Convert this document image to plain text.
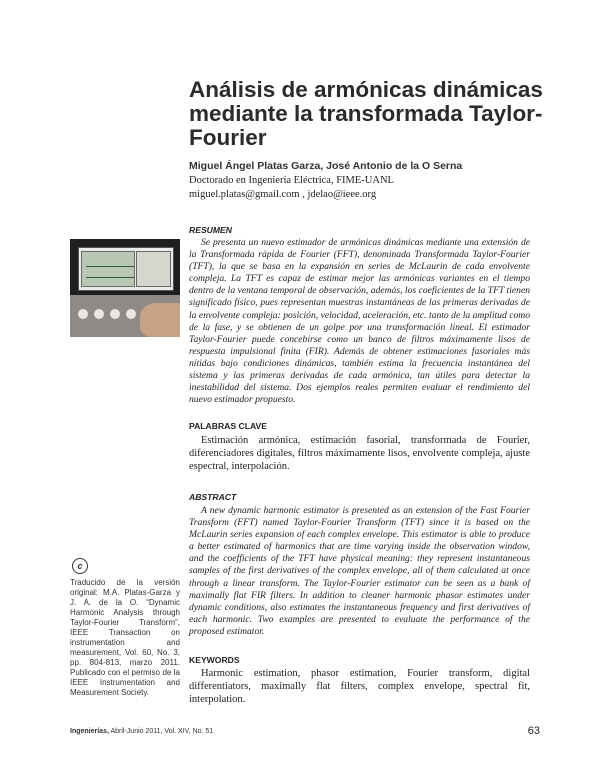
Análisis de armónicas dinámicas mediante la transformada Taylor-Fourier
Miguel Ángel Platas Garza, José Antonio de la O Serna
Doctorado en Ingeniería Eléctrica, FIME-UANL
miguel.platas@gmail.com , jdelao@ieee.org
RESUMEN
Se presenta un nuevo estimador de armónicas dinámicas mediante una extensión de la Transformada rápida de Fourier (FFT), denominada Transformada Taylor-Fourier (TFT), la que se basa en la expansión en series de McLaurin de cada envolvente compleja. La TFT es capaz de estimar mejor las armónicas variantes en el tiempo dentro de la ventana temporal de observación, además, los coeficientes de la TFT tienen significado físico, pues representan muestras instantáneas de las primeras derivadas de la envolvente compleja: posición, velocidad, aceleración, etc. tanto de la amplitud como de la fase, y se obtienen de un golpe por una transformación lineal. El estimador Taylor-Fourier puede concebirse como un banco de filtros máximamente lisos de respuesta impulsional finita (FIR). Además de obtener estimaciones fasoriales más nítidas bajo condiciones dinámicas, también estima la frecuencia instantánea del sistema y las primeras derivadas de cada armónica, tan útiles para detectar la inestabilidad del sistema. Dos ejemplos reales permiten evaluar el rendimiento del nuevo estimador propuesto.
PALABRAS CLAVE
Estimación armónica, estimación fasorial, transformada de Fourier, diferenciadores digitales, filtros máximamente lisos, envolvente compleja, ajuste espectral, interpolación.
ABSTRACT
A new dynamic harmonic estimator is presented as an extension of the Fast Fourier Transform (FFT) named Taylor-Fourier Transform (TFT) since it is based on the McLaurin series expansion of each complex envelope. This estimator is able to produce a better estimated of harmonics that are time varying inside the observation window, and the coefficients of the TFT have physical meaning: they represent instantaneous samples of the first derivatives of the complex envelope, all of them calculated at once through a linear transform. The Taylor-Fourier estimator can be seen as a bank of maximally flat FIR filters. In addition to cleaner harmonic phasor estimates under dynamic conditions, also estimates the instantaneous frequency and first derivatives of each harmonic. Two examples are presented to evaluate the performance of the proposed estimator.
KEYWORDS
Harmonic estimation, phasor estimation, Fourier transform, digital differentiators, maximally flat filters, complex envelope, spectral fit, interpolation.
c
Traducido de la versión original: M.A. Platas-Garza y J. A. de la O. “Dynamic Harmonic Analysis through Taylor-Fourier Transform”, IEEE Transaction on instrumentation and measurement, Vol. 60, No. 3, pp. 804-813, marzo 2011. Publicado con el permiso de la IEEE Instrumentation and Measurement Society.
Ingenierías, Abril-Junio 2011, Vol. XIV, No. 51	63
